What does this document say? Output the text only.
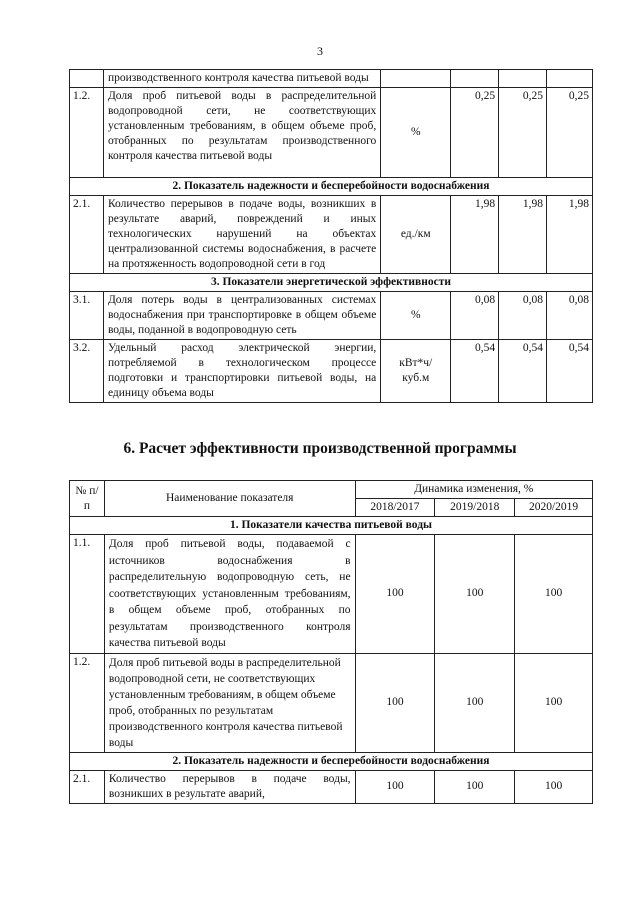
3
	производственного контроля качества питьевой воды				
1.2.	Доля проб питьевой воды в распределительной водопроводной сети, не соответствующих установленным требованиям, в общем объеме проб, отобранных по результатам производственного контроля качества питьевой воды	%	0,25	0,25	0,25
2. Показатель надежности и бесперебойности водоснабжения					
2.1.	Количество перерывов в подаче воды, возникших в результате аварий, повреждений и иных технологических нарушений на объектах централизованной системы водоснабжения, в расчете на протяженность водопроводной сети в год	ед./км	1,98	1,98	1,98
3. Показатели энергетической эффективности					
3.1.	Доля потерь воды в централизованных системах водоснабжения при транспортировке в общем объеме воды, поданной в водопроводную сеть	%	0,08	0,08	0,08
3.2.	Удельный расход электрической энергии, потребляемой в технологическом процессе подготовки и транспортировки питьевой воды, на единицу объема воды	кВт*ч/ куб.м	0,54	0,54	0,54
6. Расчет эффективности производственной программы
№ п/п	Наименование показателя	Динамика изменения, %		
		2018/2017	2019/2018	2020/2019
1. Показатели качества питьевой воды				
1.1.	Доля проб питьевой воды, подаваемой с источников водоснабжения в распределительную водопроводную сеть, не соответствующих установленным требованиям, в общем объеме проб, отобранных по результатам производственного контроля качества питьевой воды	100	100	100
1.2.	Доля проб питьевой воды в распределительной водопроводной сети, не соответствующих установленным требованиям, в общем объеме проб, отобранных по результатам производственного контроля качества питьевой воды	100	100	100
2. Показатель надежности и бесперебойности водоснабжения				
2.1.	Количество перерывов в подаче воды, возникших в результате аварий,	100	100	100
